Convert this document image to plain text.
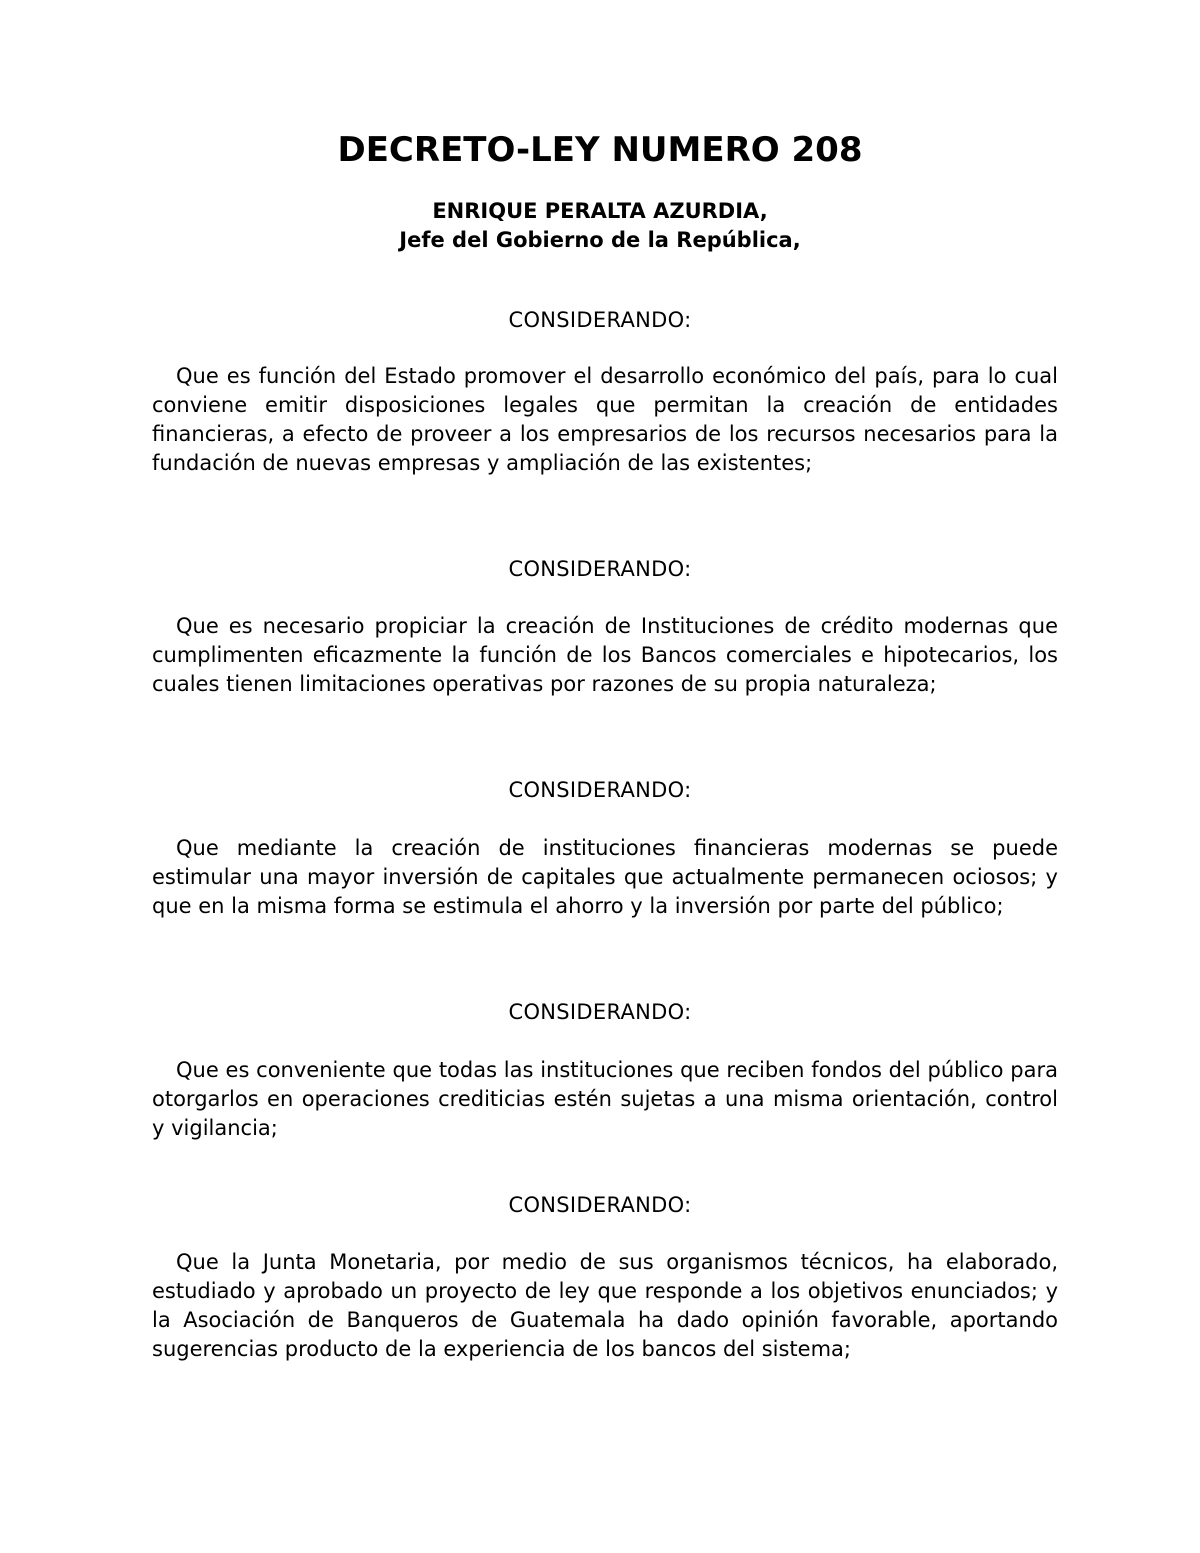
DECRETO-LEY NUMERO 208
ENRIQUE PERALTA AZURDIA,
Jefe del Gobierno de la República,

CONSIDERANDO:

Que es función del Estado promover el desarrollo económico del país, para lo cual conviene emitir disposiciones legales que permitan la creación de entidades financieras, a efecto de proveer a los empresarios de los recursos necesarios para la fundación de nuevas empresas y ampliación de las existentes;

CONSIDERANDO:

Que es necesario propiciar la creación de Instituciones de crédito modernas que cumplimenten eficazmente la función de los Bancos comerciales e hipotecarios, los cuales tienen limitaciones operativas por razones de su propia naturaleza;

CONSIDERANDO:

Que mediante la creación de instituciones financieras modernas se puede estimular una mayor inversión de capitales que actualmente permanecen ociosos; y que en la misma forma se estimula el ahorro y la inversión por parte del público;

CONSIDERANDO:

Que es conveniente que todas las instituciones que reciben fondos del público para otorgarlos en operaciones crediticias estén sujetas a una misma orientación, control y vigilancia;

CONSIDERANDO:

Que la Junta Monetaria, por medio de sus organismos técnicos, ha elaborado, estudiado y aprobado un proyecto de ley que responde a los objetivos enunciados; y la Asociación de Banqueros de Guatemala ha dado opinión favorable, aportando sugerencias producto de la experiencia de los bancos del sistema;
